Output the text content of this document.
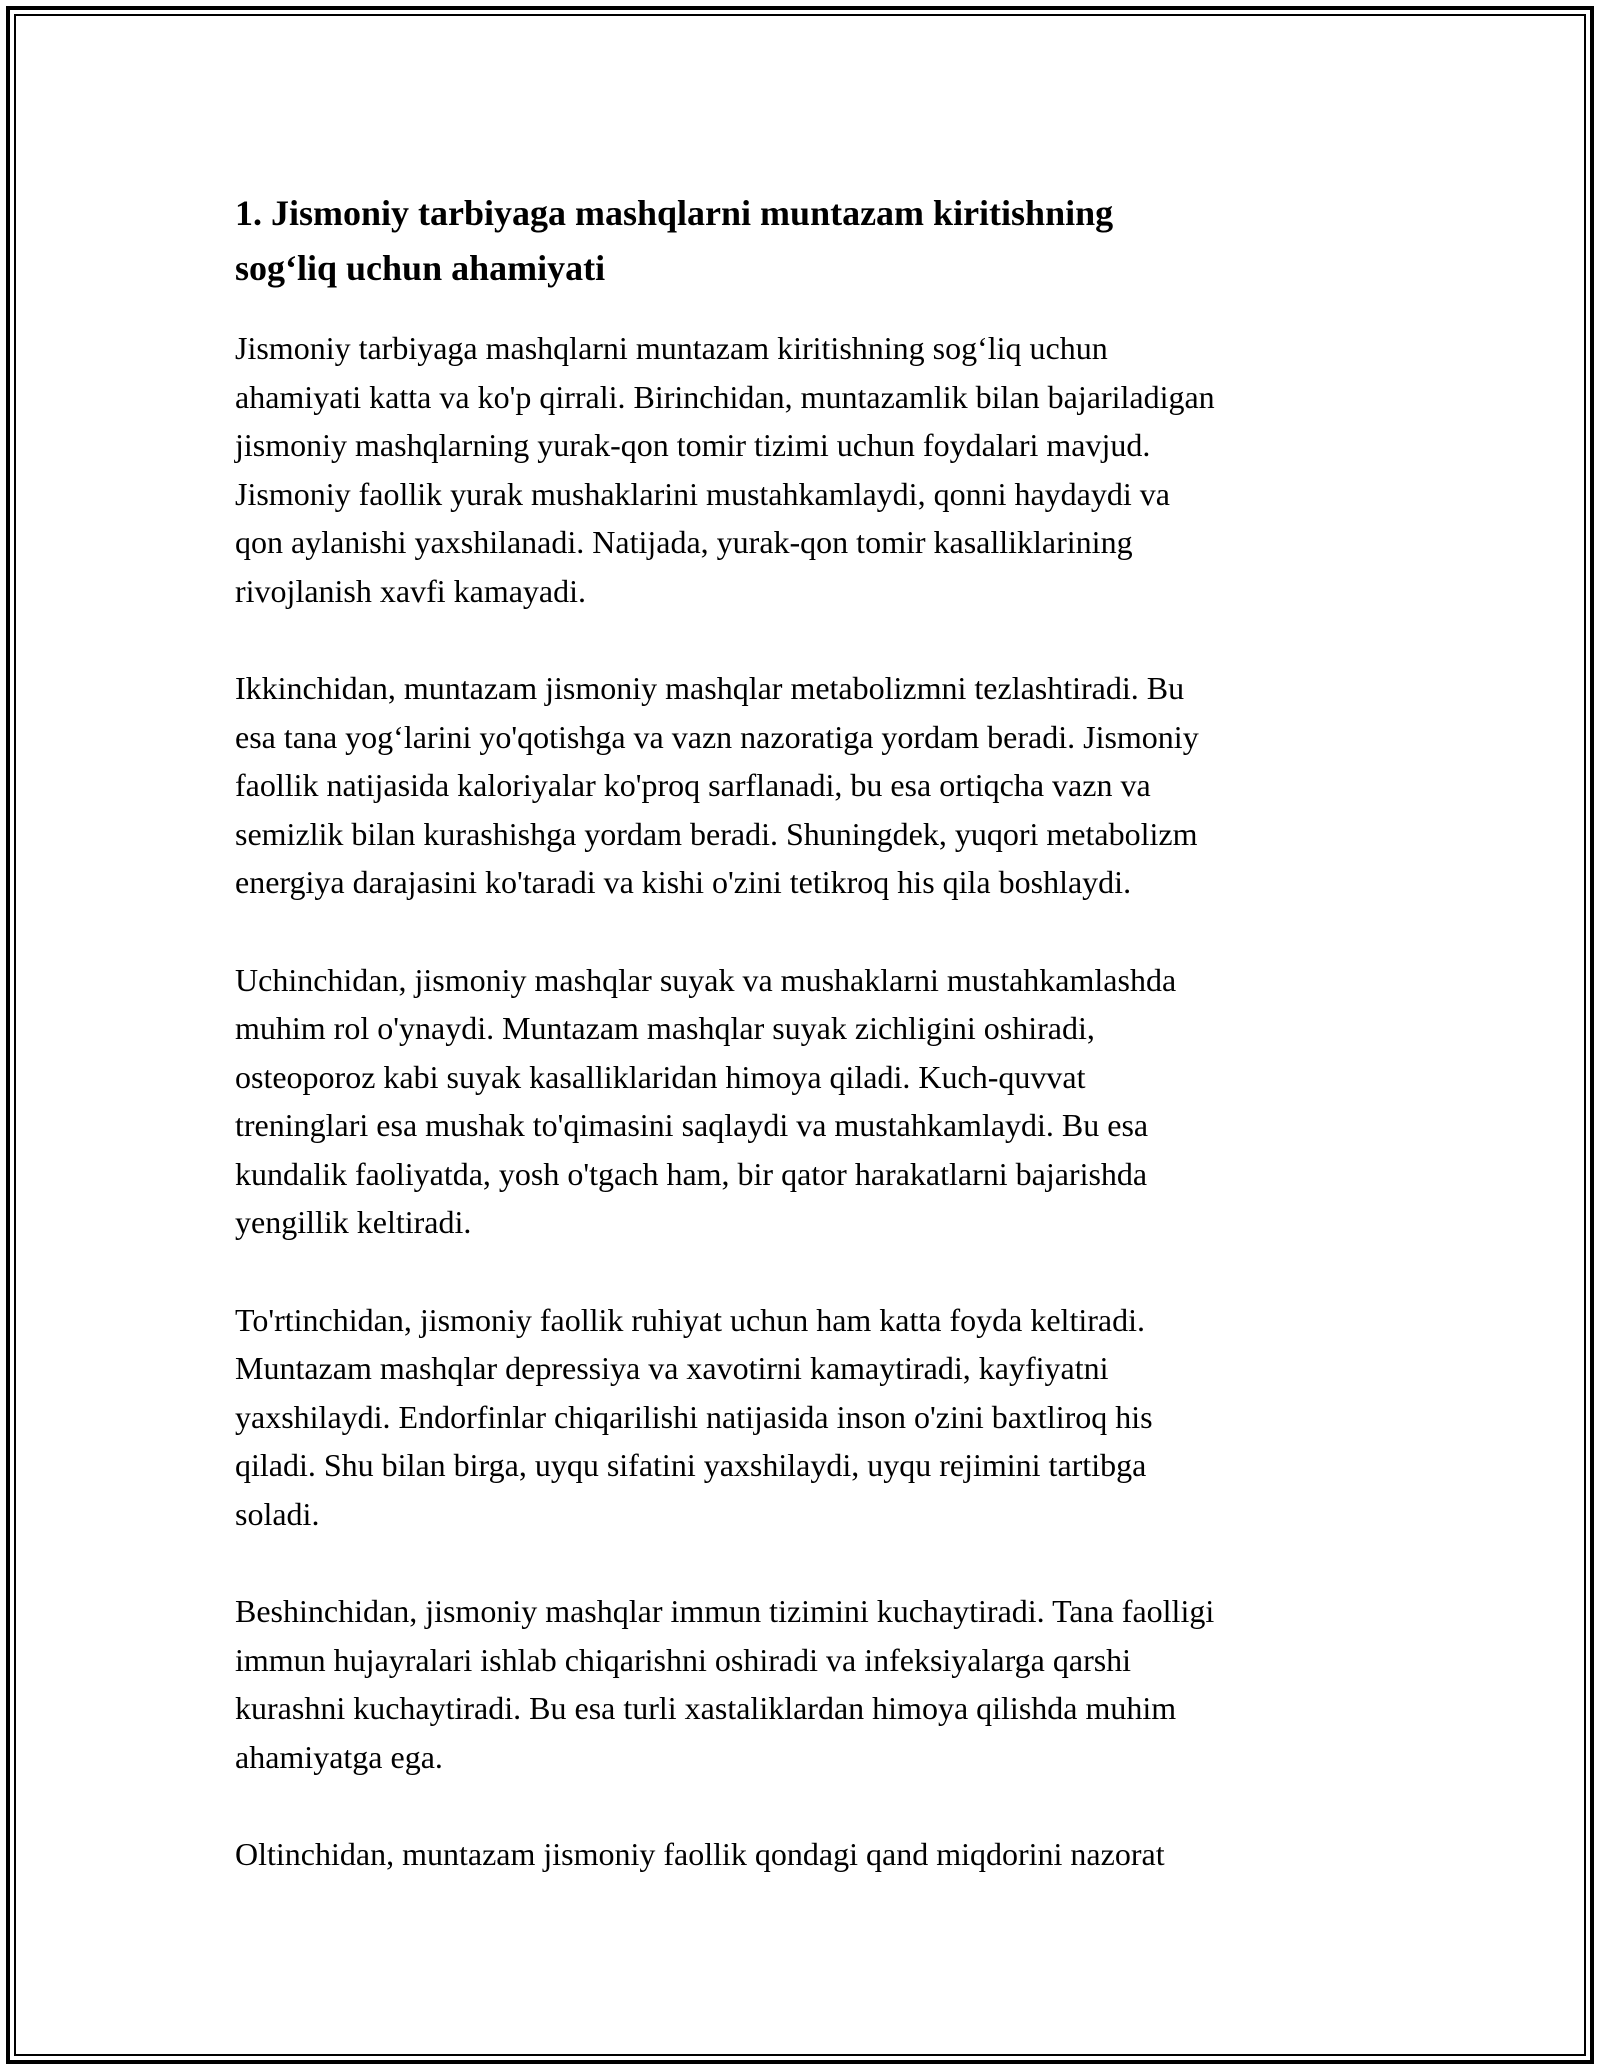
1. Jismoniy tarbiyaga mashqlarni muntazam kiritishning
sog‘liq uchun ahamiyati

Jismoniy tarbiyaga mashqlarni muntazam kiritishning sog‘liq uchun
ahamiyati katta va ko'p qirrali. Birinchidan, muntazamlik bilan bajariladigan
jismoniy mashqlarning yurak-qon tomir tizimi uchun foydalari mavjud.
Jismoniy faollik yurak mushaklarini mustahkamlaydi, qonni haydaydi va
qon aylanishi yaxshilanadi. Natijada, yurak-qon tomir kasalliklarining
rivojlanish xavfi kamayadi.

Ikkinchidan, muntazam jismoniy mashqlar metabolizmni tezlashtiradi. Bu
esa tana yog‘larini yo'qotishga va vazn nazoratiga yordam beradi. Jismoniy
faollik natijasida kaloriyalar ko'proq sarflanadi, bu esa ortiqcha vazn va
semizlik bilan kurashishga yordam beradi. Shuningdek, yuqori metabolizm
energiya darajasini ko'taradi va kishi o'zini tetikroq his qila boshlaydi.

Uchinchidan, jismoniy mashqlar suyak va mushaklarni mustahkamlashda
muhim rol o'ynaydi. Muntazam mashqlar suyak zichligini oshiradi,
osteoporoz kabi suyak kasalliklaridan himoya qiladi. Kuch-quvvat
treninglari esa mushak to'qimasini saqlaydi va mustahkamlaydi. Bu esa
kundalik faoliyatda, yosh o'tgach ham, bir qator harakatlarni bajarishda
yengillik keltiradi.

To'rtinchidan, jismoniy faollik ruhiyat uchun ham katta foyda keltiradi.
Muntazam mashqlar depressiya va xavotirni kamaytiradi, kayfiyatni
yaxshilaydi. Endorfinlar chiqarilishi natijasida inson o'zini baxtliroq his
qiladi. Shu bilan birga, uyqu sifatini yaxshilaydi, uyqu rejimini tartibga
soladi.

Beshinchidan, jismoniy mashqlar immun tizimini kuchaytiradi. Tana faolligi
immun hujayralari ishlab chiqarishni oshiradi va infeksiyalarga qarshi
kurashni kuchaytiradi. Bu esa turli xastaliklardan himoya qilishda muhim
ahamiyatga ega.

Oltinchidan, muntazam jismoniy faollik qondagi qand miqdorini nazorat
